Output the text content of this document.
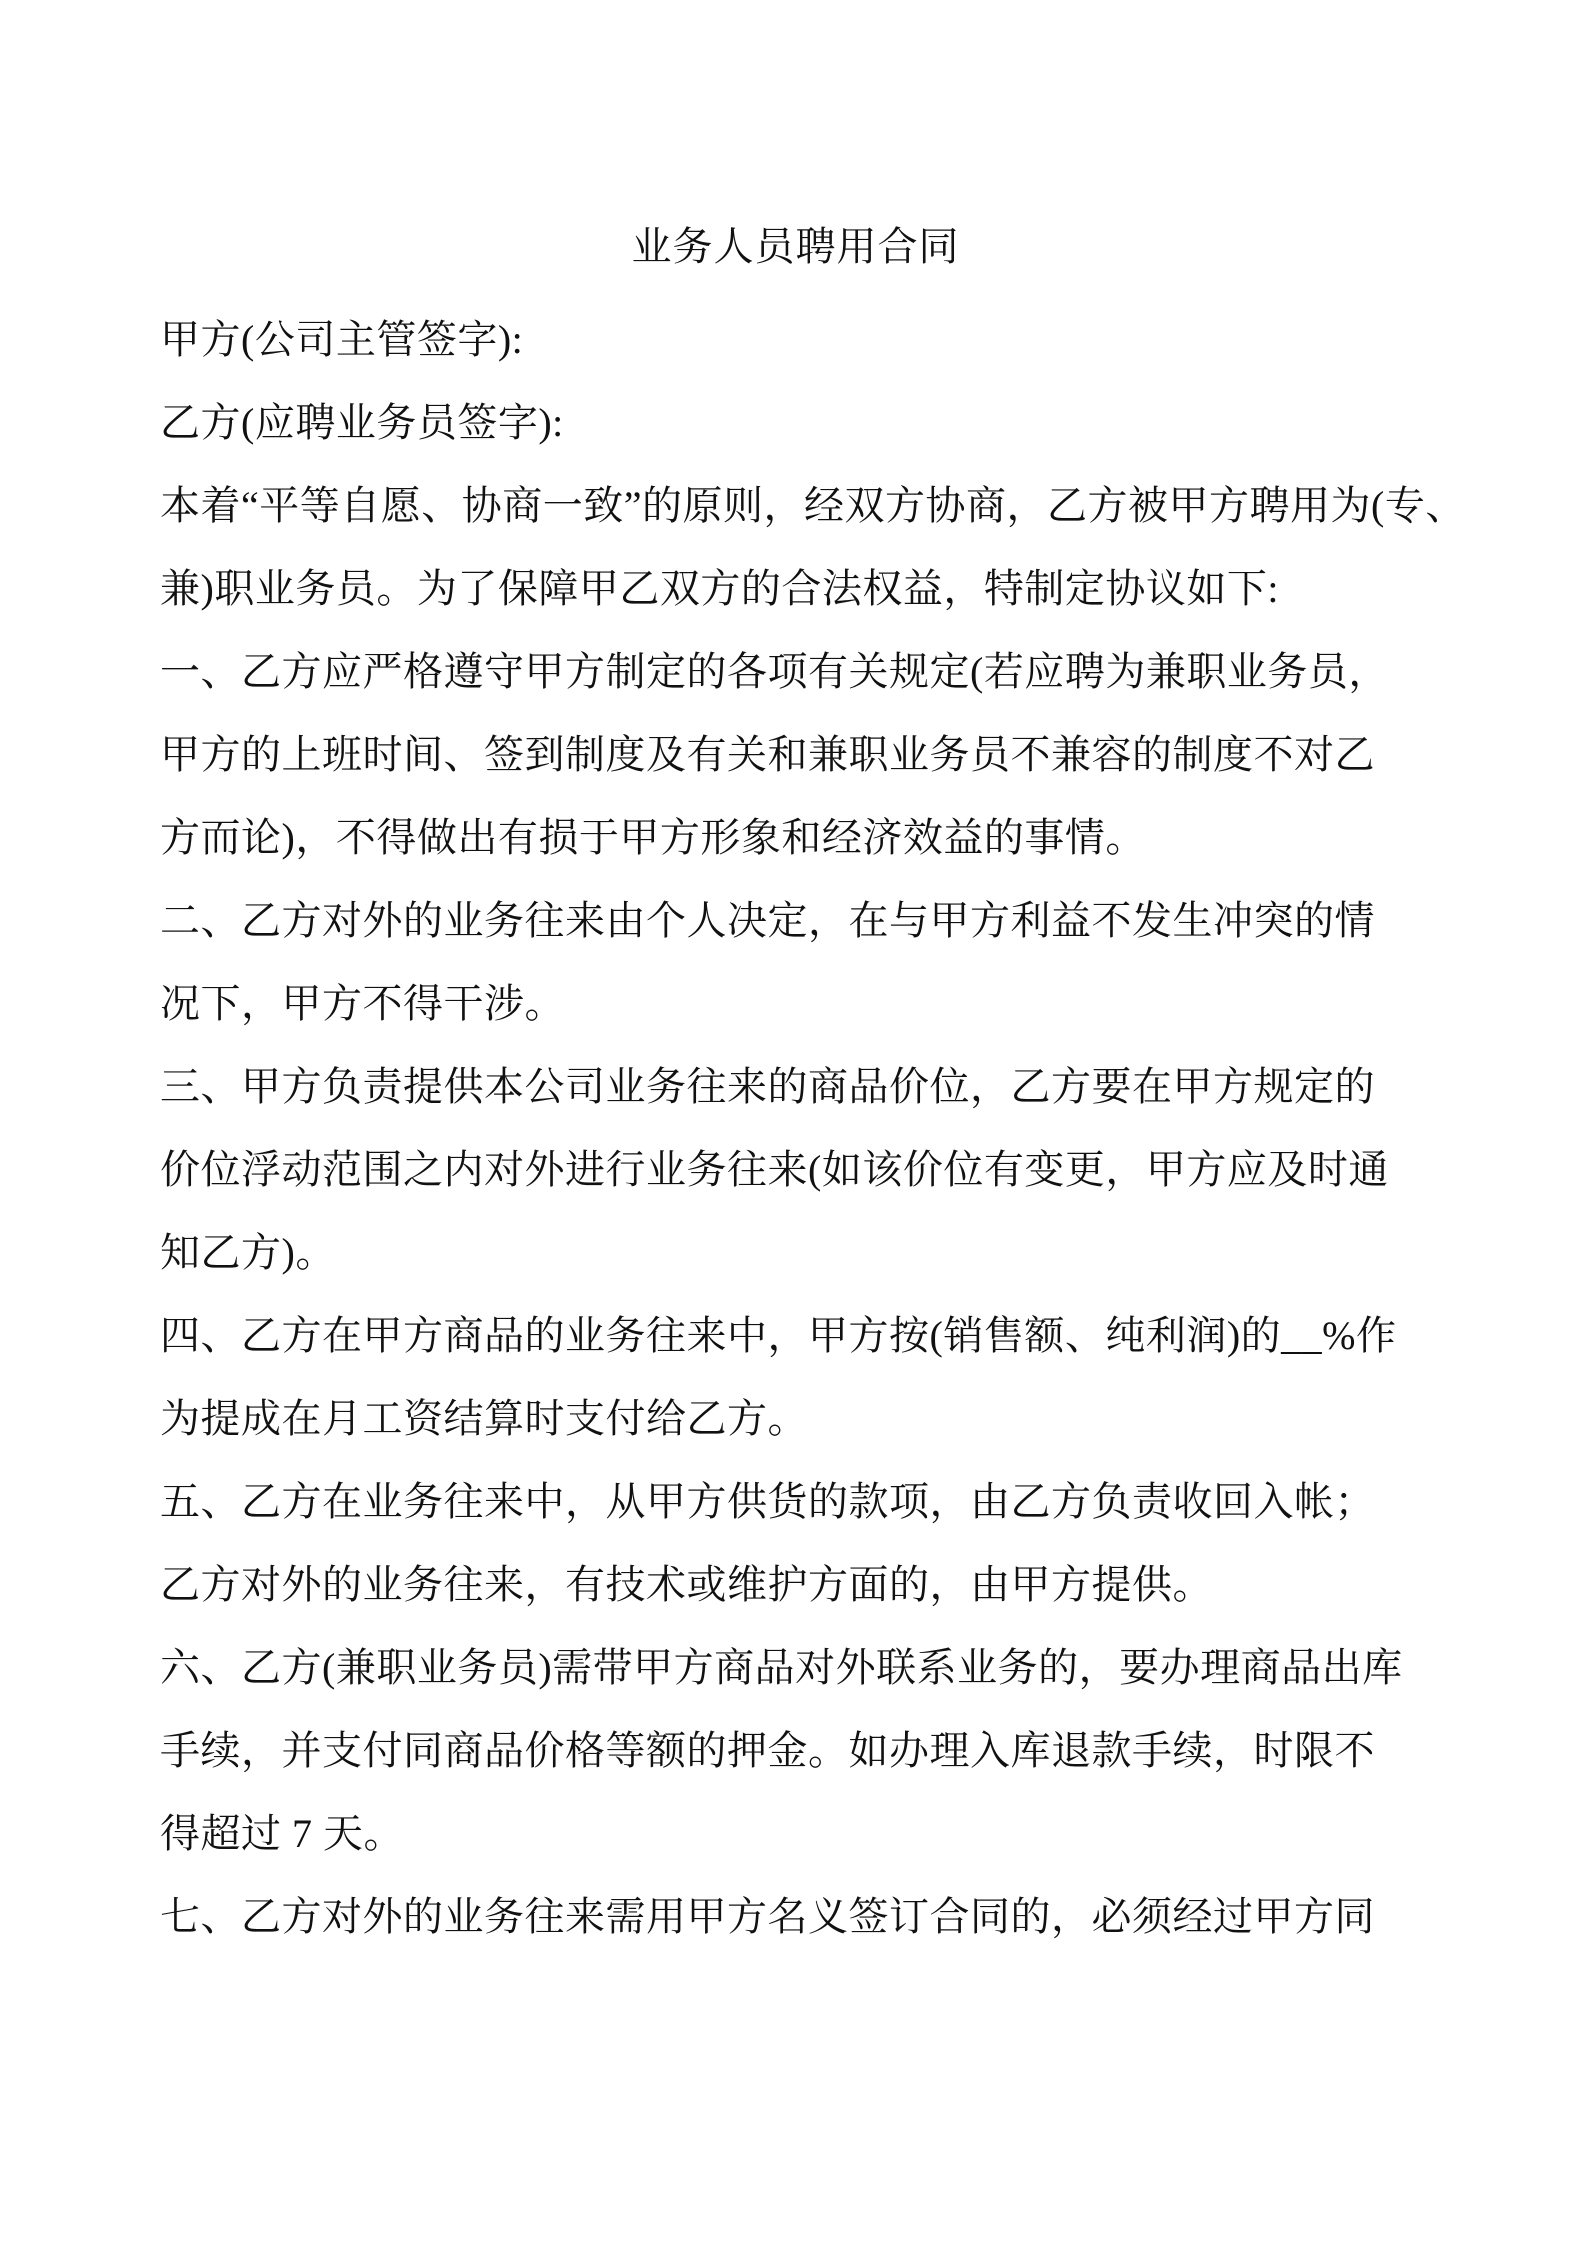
业务人员聘用合同
甲方(公司主管签字):
乙方(应聘业务员签字):
本着“平等自愿、协商一致”的原则，经双方协商，乙方被甲方聘用为(专、
兼)职业务员。为了保障甲乙双方的合法权益，特制定协议如下:
一、乙方应严格遵守甲方制定的各项有关规定(若应聘为兼职业务员，
甲方的上班时间、签到制度及有关和兼职业务员不兼容的制度不对乙
方而论)，不得做出有损于甲方形象和经济效益的事情。
二、乙方对外的业务往来由个人决定，在与甲方利益不发生冲突的情
况下，甲方不得干涉。
三、甲方负责提供本公司业务往来的商品价位，乙方要在甲方规定的
价位浮动范围之内对外进行业务往来(如该价位有变更，甲方应及时通
知乙方)。
四、乙方在甲方商品的业务往来中，甲方按(销售额、纯利润)的__%作
为提成在月工资结算时支付给乙方。
五、乙方在业务往来中，从甲方供货的款项，由乙方负责收回入帐；
乙方对外的业务往来，有技术或维护方面的，由甲方提供。
六、乙方(兼职业务员)需带甲方商品对外联系业务的，要办理商品出库
手续，并支付同商品价格等额的押金。如办理入库退款手续，时限不
得超过 7 天。
七、乙方对外的业务往来需用甲方名义签订合同的，必须经过甲方同
